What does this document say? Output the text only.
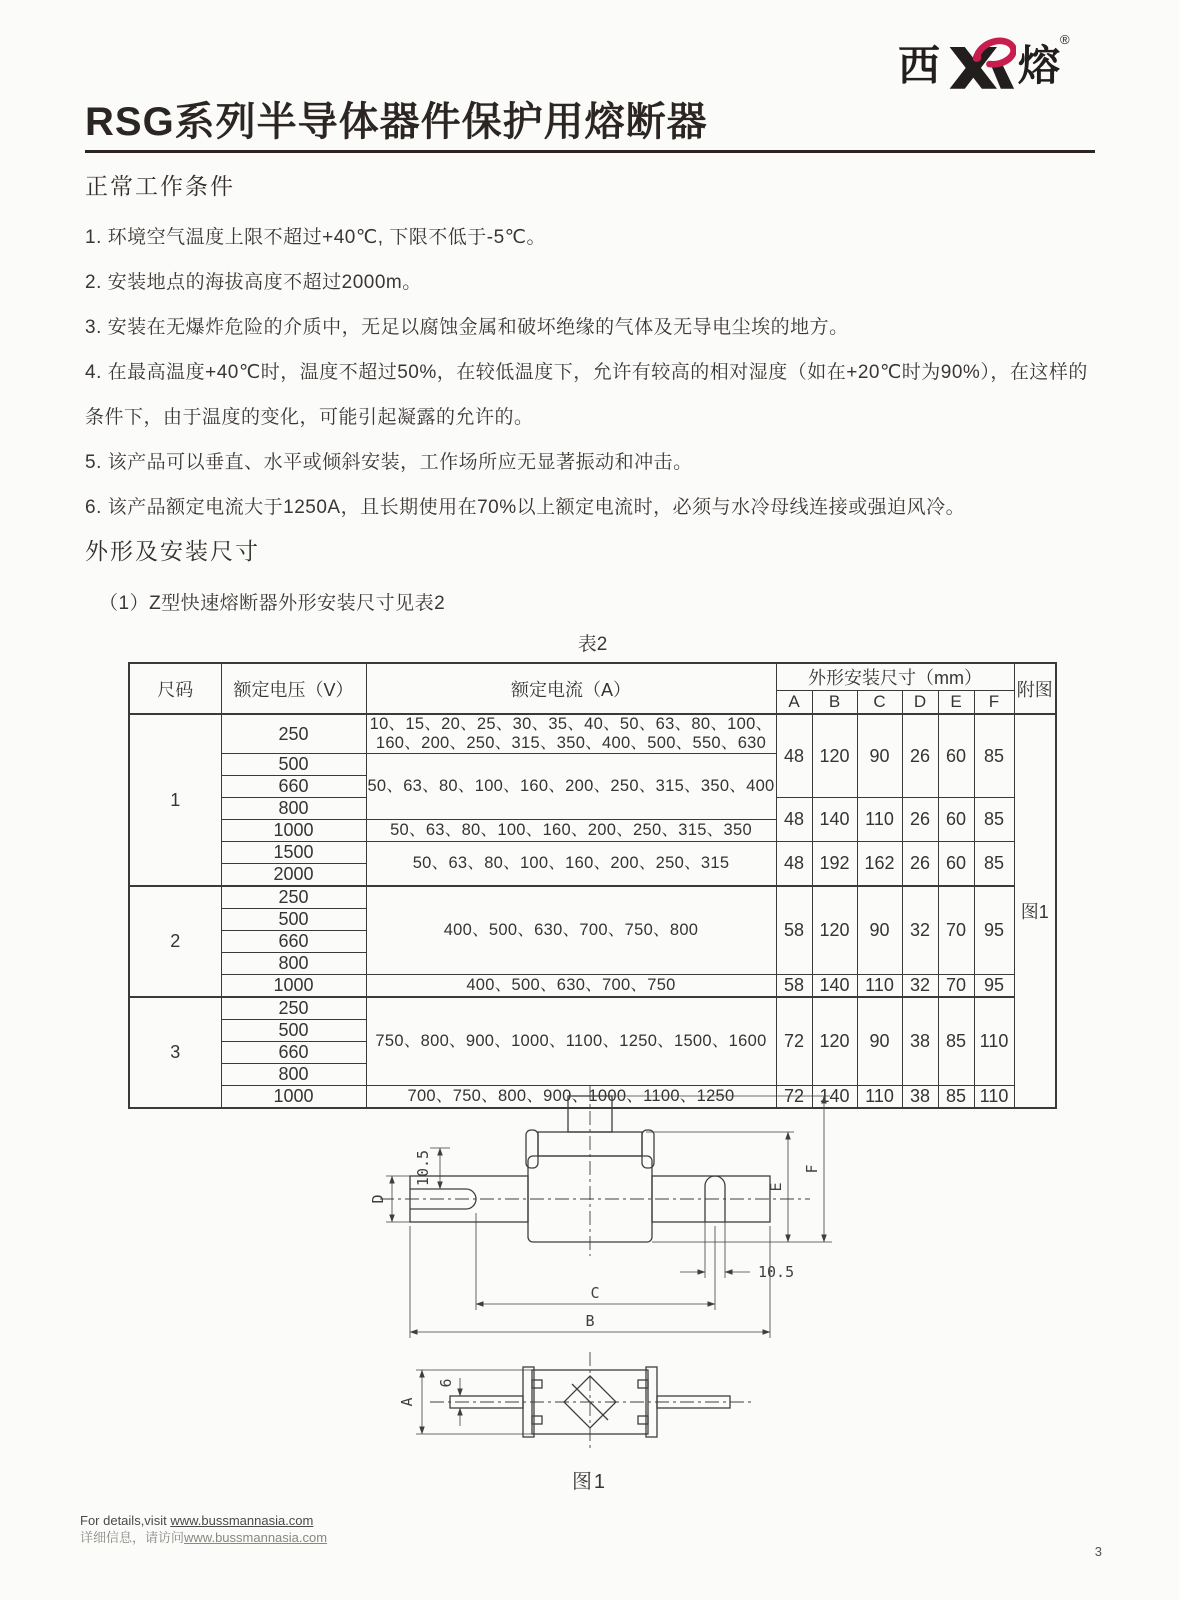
西 熔
®
RSG系列半导体器件保护用熔断器
正常工作条件
1. 环境空气温度上限不超过+40℃, 下限不低于-5℃。
2. 安装地点的海拔高度不超过2000m。
3. 安装在无爆炸危险的介质中，无足以腐蚀金属和破坏绝缘的气体及无导电尘埃的地方。
4. 在最高温度+40℃时，温度不超过50%，在较低温度下，允许有较高的相对湿度（如在+20℃时为90%），在这样的条件下，由于温度的变化，可能引起凝露的允许的。
5. 该产品可以垂直、水平或倾斜安装，工作场所应无显著振动和冲击。
6. 该产品额定电流大于1250A，且长期使用在70%以上额定电流时，必须与水冷母线连接或强迫风冷。
外形及安装尺寸
（1）Z型快速熔断器外形安装尺寸见表2
表2
尺码	额定电压（V）	额定电流（A）	外形安装尺寸（mm）						附图
			A	B	C	D	E	F	
1	250	10、15、20、25、30、35、40、50、63、80、100、160、200、250、315、350、400、500、550、630	48	120	90	26	60	85	图1
	500	50、63、80、100、160、200、250、315、350、400							
	660								
	800		48	140	110	26	60	85	
	1000	50、63、80、100、160、200、250、315、350							
	1500	50、63、80、100、160、200、250、315	48	192	162	26	60	85	
	2000								
2	250	400、500、630、700、750、800	58	120	90	32	70	95	
	500								
	660								
	800								
	1000	400、500、630、700、750	58	140	110	32	70	95	
3	250	750、800、900、1000、1100、1250、1500、1600	72	120	90	38	85	110	
	500								
	660								
	800								
	1000	700、750、800、900、1000、1100、1250	72	140	110	38	85	110	
10.5
D
E
F
10.5
C
B
A
6
图1
For details,visit www.bussmannasia.com
详细信息，请访问www.bussmannasia.com
3
